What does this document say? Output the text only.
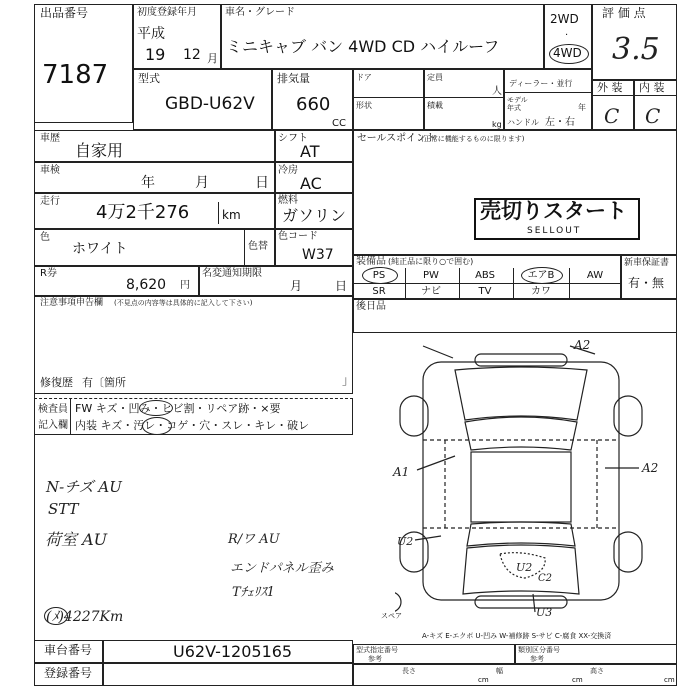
出品番号
7187
初度登録年月
平成
19 12 月
車名・グレード
ミニキャブ バン 4WD CD ハイルーフ
2WD
·
4WD
評 価 点
3.5
型式
GBD-U62V
排気量
660
CC
ドア
形状
定員
人
積載
kg
ディーラー・並行
モデル年式	年
ハンドル 左・右
外 装 内 装
C C
車歴
自家用
シフト
AT
車検
年	月	日
冷房
AC
走行
4万2千276	km
燃料
ガソリン
色
ホワイト	色替
色コード
W37
R券
8,620 円
名変通知期限
月	日
注意事項申告欄 (不見点の内容等は具体的に記入して下さい)
修復歴 有〔箇所	」
セールスポイント
(正常に機能するものに限ります)
売切りスタート
SELLOUT
装備品 (純正品に限り○で囲む)
PS	PW	ABS	エアB	AW
SR	ナビ	TV	カワ
新車保証書
有・無
後日品
検査員
記入欄
FW キズ・凹み・ヒビ割・リペア跡・×要
内装 キズ・汚レ・コゲ・穴・スレ・キレ・破レ
N-チズ AU
STT
荷室 AU	R/ワ AU
エンドパネル歪み
Tﾁｪﾘｽ1
(ﾒ)4227Km
A2
A1	A2
U2
U2
C2
U3
スペア
A-キズ E-エクボ U-凹み W-補修跡 S-サビ C-腐食 XX-交換済
車台番号	U62V-1205165
登録番号
型式指定番号
参考
類別区分番号
参考
長さ
cm
幅
cm
高さ
cm
